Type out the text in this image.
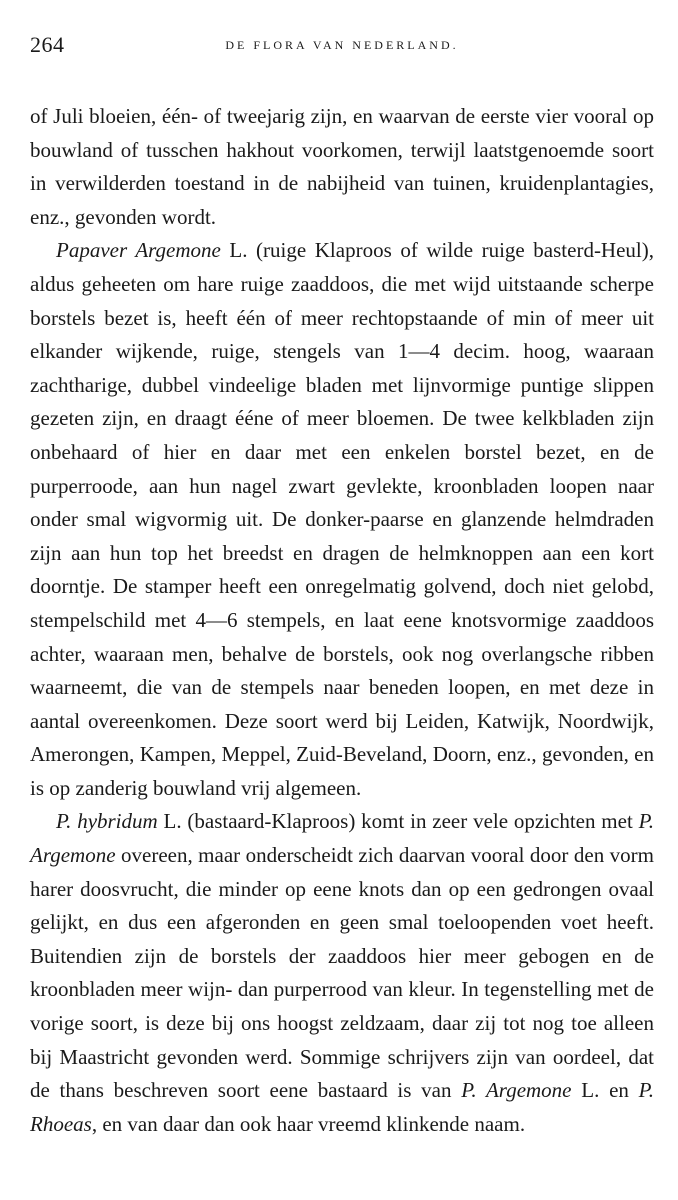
264	DE FLORA VAN NEDERLAND.

of Juli bloeien, één- of tweejarig zijn, en waarvan de eerste vier vooral op bouwland of tusschen hakhout voorkomen, terwijl laatstgenoemde soort in verwilderden toestand in de nabijheid van tuinen, kruidenplantagies, enz., gevonden wordt.

Papaver Argemone L. (ruige Klaproos of wilde ruige basterd-Heul), aldus geheeten om hare ruige zaaddoos, die met wijd uitstaande scherpe borstels bezet is, heeft één of meer rechtopstaande of min of meer uit elkander wijkende, ruige, stengels van 1—4 decim. hoog, waaraan zachtharige, dubbel vindeelige bladen met lijnvormige puntige slippen gezeten zijn, en draagt ééne of meer bloemen. De twee kelkbladen zijn onbehaard of hier en daar met een enkelen borstel bezet, en de purperroode, aan hun nagel zwart gevlekte, kroonbladen loopen naar onder smal wigvormig uit. De donker-paarse en glanzende helmdraden zijn aan hun top het breedst en dragen de helmknoppen aan een kort doorntje. De stamper heeft een onregelmatig golvend, doch niet gelobd, stempelschild met 4—6 stempels, en laat eene knotsvormige zaaddoos achter, waaraan men, behalve de borstels, ook nog overlangsche ribben waarneemt, die van de stempels naar beneden loopen, en met deze in aantal overeenkomen. Deze soort werd bij Leiden, Katwijk, Noordwijk, Amerongen, Kampen, Meppel, Zuid-Beveland, Doorn, enz., gevonden, en is op zanderig bouwland vrij algemeen.

P. hybridum L. (bastaard-Klaproos) komt in zeer vele opzichten met P. Argemone overeen, maar onderscheidt zich daarvan vooral door den vorm harer doosvrucht, die minder op eene knots dan op een gedrongen ovaal gelijkt, en dus een afgeronden en geen smal toeloopenden voet heeft. Buitendien zijn de borstels der zaaddoos hier meer gebogen en de kroonbladen meer wijn- dan purperrood van kleur. In tegenstelling met de vorige soort, is deze bij ons hoogst zeldzaam, daar zij tot nog toe alleen bij Maastricht gevonden werd. Sommige schrijvers zijn van oordeel, dat de thans beschreven soort eene bastaard is van P. Argemone L. en P. Rhoeas, en van daar dan ook haar vreemd klinkende naam.
